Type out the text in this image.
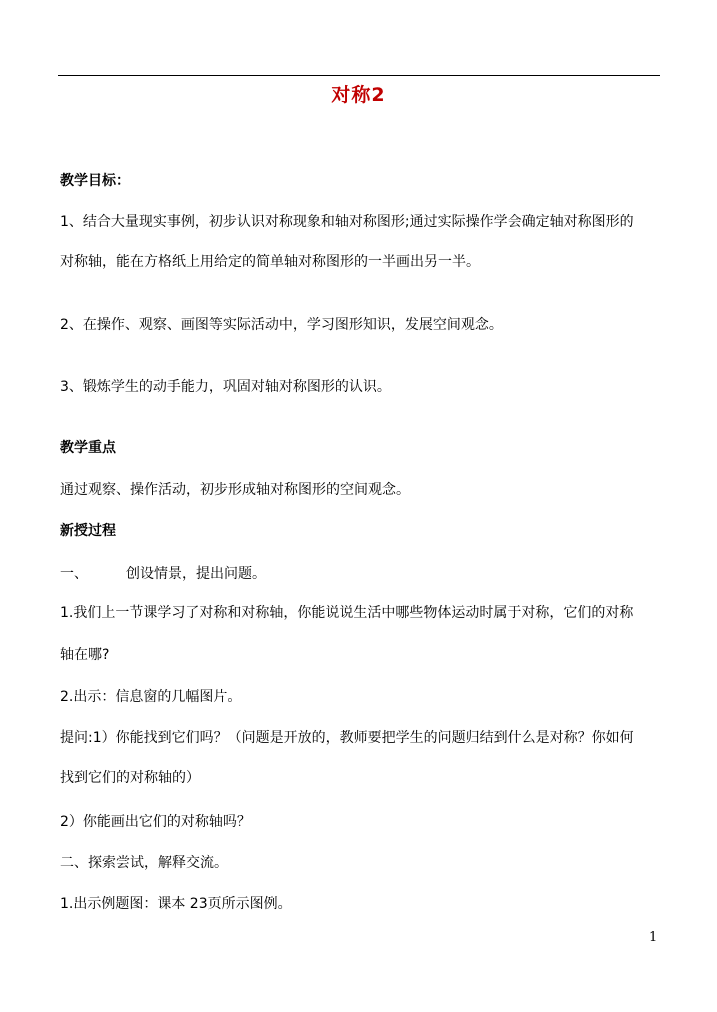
对称2
教学目标：
1、结合大量现实事例，初步认识对称现象和轴对称图形;通过实际操作学会确定轴对称图形的
对称轴，能在方格纸上用给定的简单轴对称图形的一半画出另一半。
2、在操作、观察、画图等实际活动中，学习图形知识，发展空间观念。
3、锻炼学生的动手能力，巩固对轴对称图形的认识。
教学重点
通过观察、操作活动，初步形成轴对称图形的空间观念。
新授过程
一、	创设情景，提出问题。
1.我们上一节课学习了对称和对称轴，你能说说生活中哪些物体运动时属于对称，它们的对称
轴在哪?
2.出示：信息窗的几幅图片。
提问:1）你能找到它们吗？（问题是开放的，教师要把学生的问题归结到什么是对称？你如何
找到它们的对称轴的）
2）你能画出它们的对称轴吗？
二、探索尝试，解释交流。
1.出示例题图：课本 23页所示图例。
1
